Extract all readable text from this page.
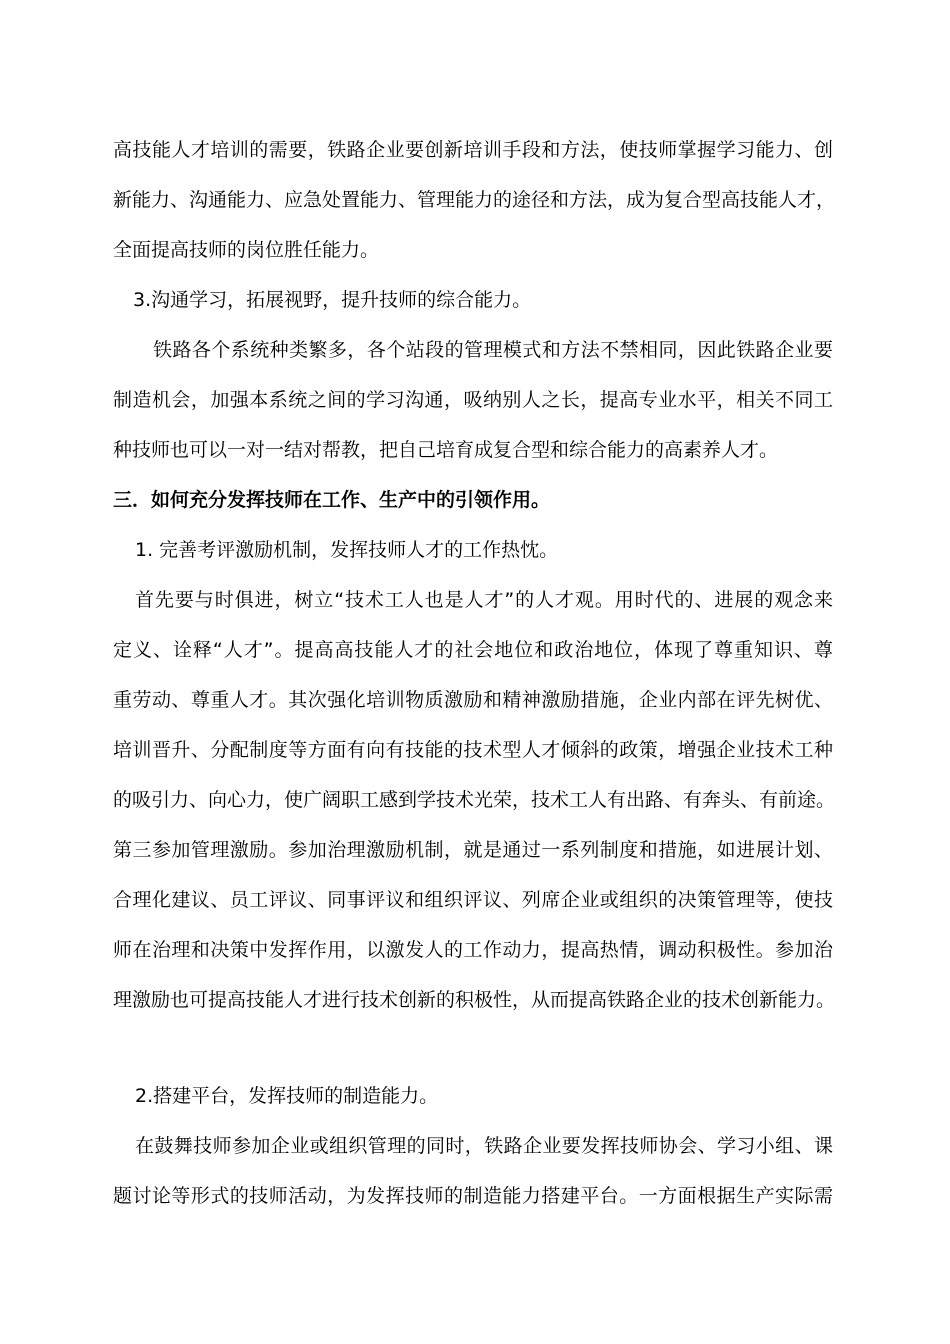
高技能人才培训的需要，铁路企业要创新培训手段和方法，使技师掌握学习能力、创
新能力、沟通能力、应急处置能力、管理能力的途径和方法，成为复合型高技能人才，
全面提高技师的岗位胜任能力。
3.沟通学习，拓展视野，提升技师的综合能力。
铁路各个系统种类繁多，各个站段的管理模式和方法不禁相同，因此铁路企业要
制造机会，加强本系统之间的学习沟通，吸纳别人之长，提高专业水平，相关不同工
种技师也可以一对一结对帮教，把自己培育成复合型和综合能力的高素养人才。
三．如何充分发挥技师在工作、生产中的引领作用。
1. 完善考评激励机制，发挥技师人才的工作热忱。
首先要与时俱进，树立“技术工人也是人才”的人才观。用时代的、进展的观念来
定义、诠释“人才”。提高高技能人才的社会地位和政治地位，体现了尊重知识、尊
重劳动、尊重人才。其次强化培训物质激励和精神激励措施，企业内部在评先树优、
培训晋升、分配制度等方面有向有技能的技术型人才倾斜的政策，增强企业技术工种
的吸引力、向心力，使广阔职工感到学技术光荣，技术工人有出路、有奔头、有前途。
第三参加管理激励。参加治理激励机制，就是通过一系列制度和措施，如进展计划、
合理化建议、员工评议、同事评议和组织评议、列席企业或组织的决策管理等，使技
师在治理和决策中发挥作用，以激发人的工作动力，提高热情，调动积极性。参加治
理激励也可提高技能人才进行技术创新的积极性，从而提高铁路企业的技术创新能力。
2.搭建平台，发挥技师的制造能力。
在鼓舞技师参加企业或组织管理的同时，铁路企业要发挥技师协会、学习小组、课
题讨论等形式的技师活动，为发挥技师的制造能力搭建平台。一方面根据生产实际需
